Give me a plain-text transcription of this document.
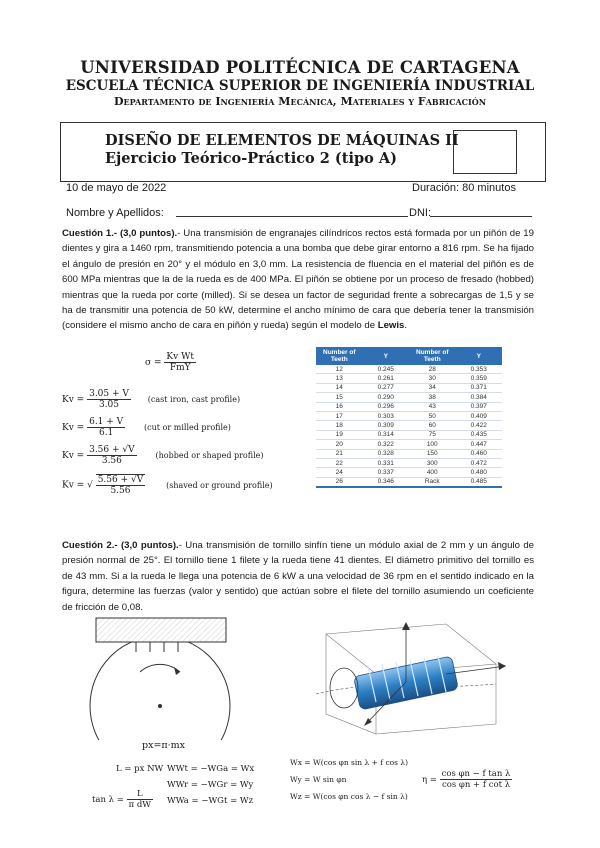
UNIVERSIDAD POLITÉCNICA DE CARTAGENA
ESCUELA TÉCNICA SUPERIOR DE INGENIERÍA INDUSTRIAL
Departamento de Ingeniería Mecánica, Materiales y Fabricación
DISEÑO DE ELEMENTOS DE MÁQUINAS II
Ejercicio Teórico-Práctico 2 (tipo A)
10 de mayo de 2022	Duración: 80 minutos
Nombre y Apellidos:	DNI:
Cuestión 1.- (3,0 puntos).- Una transmisión de engranajes cilíndricos rectos está formada por un piñón de 19 dientes y gira a 1460 rpm, transmitiendo potencia a una bomba que debe girar entorno a 816 rpm. Se ha fijado el ángulo de presión en 20° y el módulo en 3,0 mm. La resistencia de fluencia en el material del piñón es de 600 MPa mientras que la de la rueda es de 400 MPa. El piñón se obtiene por un proceso de fresado (hobbed) mientras que la rueda por corte (milled). Si se desea un factor de seguridad frente a sobrecargas de 1,5 y se ha de transmitir una potencia de 50 kW, determine el ancho mínimo de cara que debería tener la transmisión (considere el mismo ancho de cara en piñón y rueda) según el modelo de Lewis.
$\sigma = \frac{\text{Kv Wt}}{\text{FmY}}$
$Kv = \frac{3.05 + V}{3.05}$ (cast iron, cast profile)
$Kv = \frac{6.1 + V}{6.1} (cut$ or milled profile)
$Kv = \frac{3.56 + √V}{3.56}$ (hobbed or shaped profile)
Kv = √ $\frac{5.56 + √V}{5.56}$	(shaved or ground profile)
Number of Teeth	Y	Number of Teeth	Y
12	0.245	28	0.353
13	0.261	30	0.359
14	0.277	34	0.371
15	0.290	38	0.384
16	0.296	43	0.397
17	0.303	50	0.409
18	0.309	60	0.422
19	0.314	75	0.435
20	0.322	100	0.447
21	0.328	150	0.460
22	0.331	300	0.472
24	0.337	400	0.480
26	0.346	Rack	0.485
Cuestión 2.- (3,0 puntos).- Una transmisión de tornillo sinfín tiene un módulo axial de 2 mm y un ángulo de presión normal de 25°. El tornillo tiene 1 filete y la rueda tiene 41 dientes. El diámetro primitivo del tornillo es de 43 mm. Si a la rueda le llega una potencia de 6 kW a una velocidad de 36 rpm en el sentido indicado en la figura, determine las fuerzas (valor y sentido) que actúan sobre el filete del tornillo asumiendo un coeficiente de fricción de 0,08.
px=π·mx
L = px NW
$\tan \lambda = \frac{L}{\text{π dW}}$
WWt = −WGa = Wx
WWr = −WGr = Wy
WWa = −WGt = Wz
Wx = W(cos φn sin λ + f cos λ)
Wy = W sin φn
Wz = W(cos φn cos λ − f sin λ)
$\eta = \frac{\text{cos φn − f tan λ}}{\text{cos φn + f cot λ}}$
